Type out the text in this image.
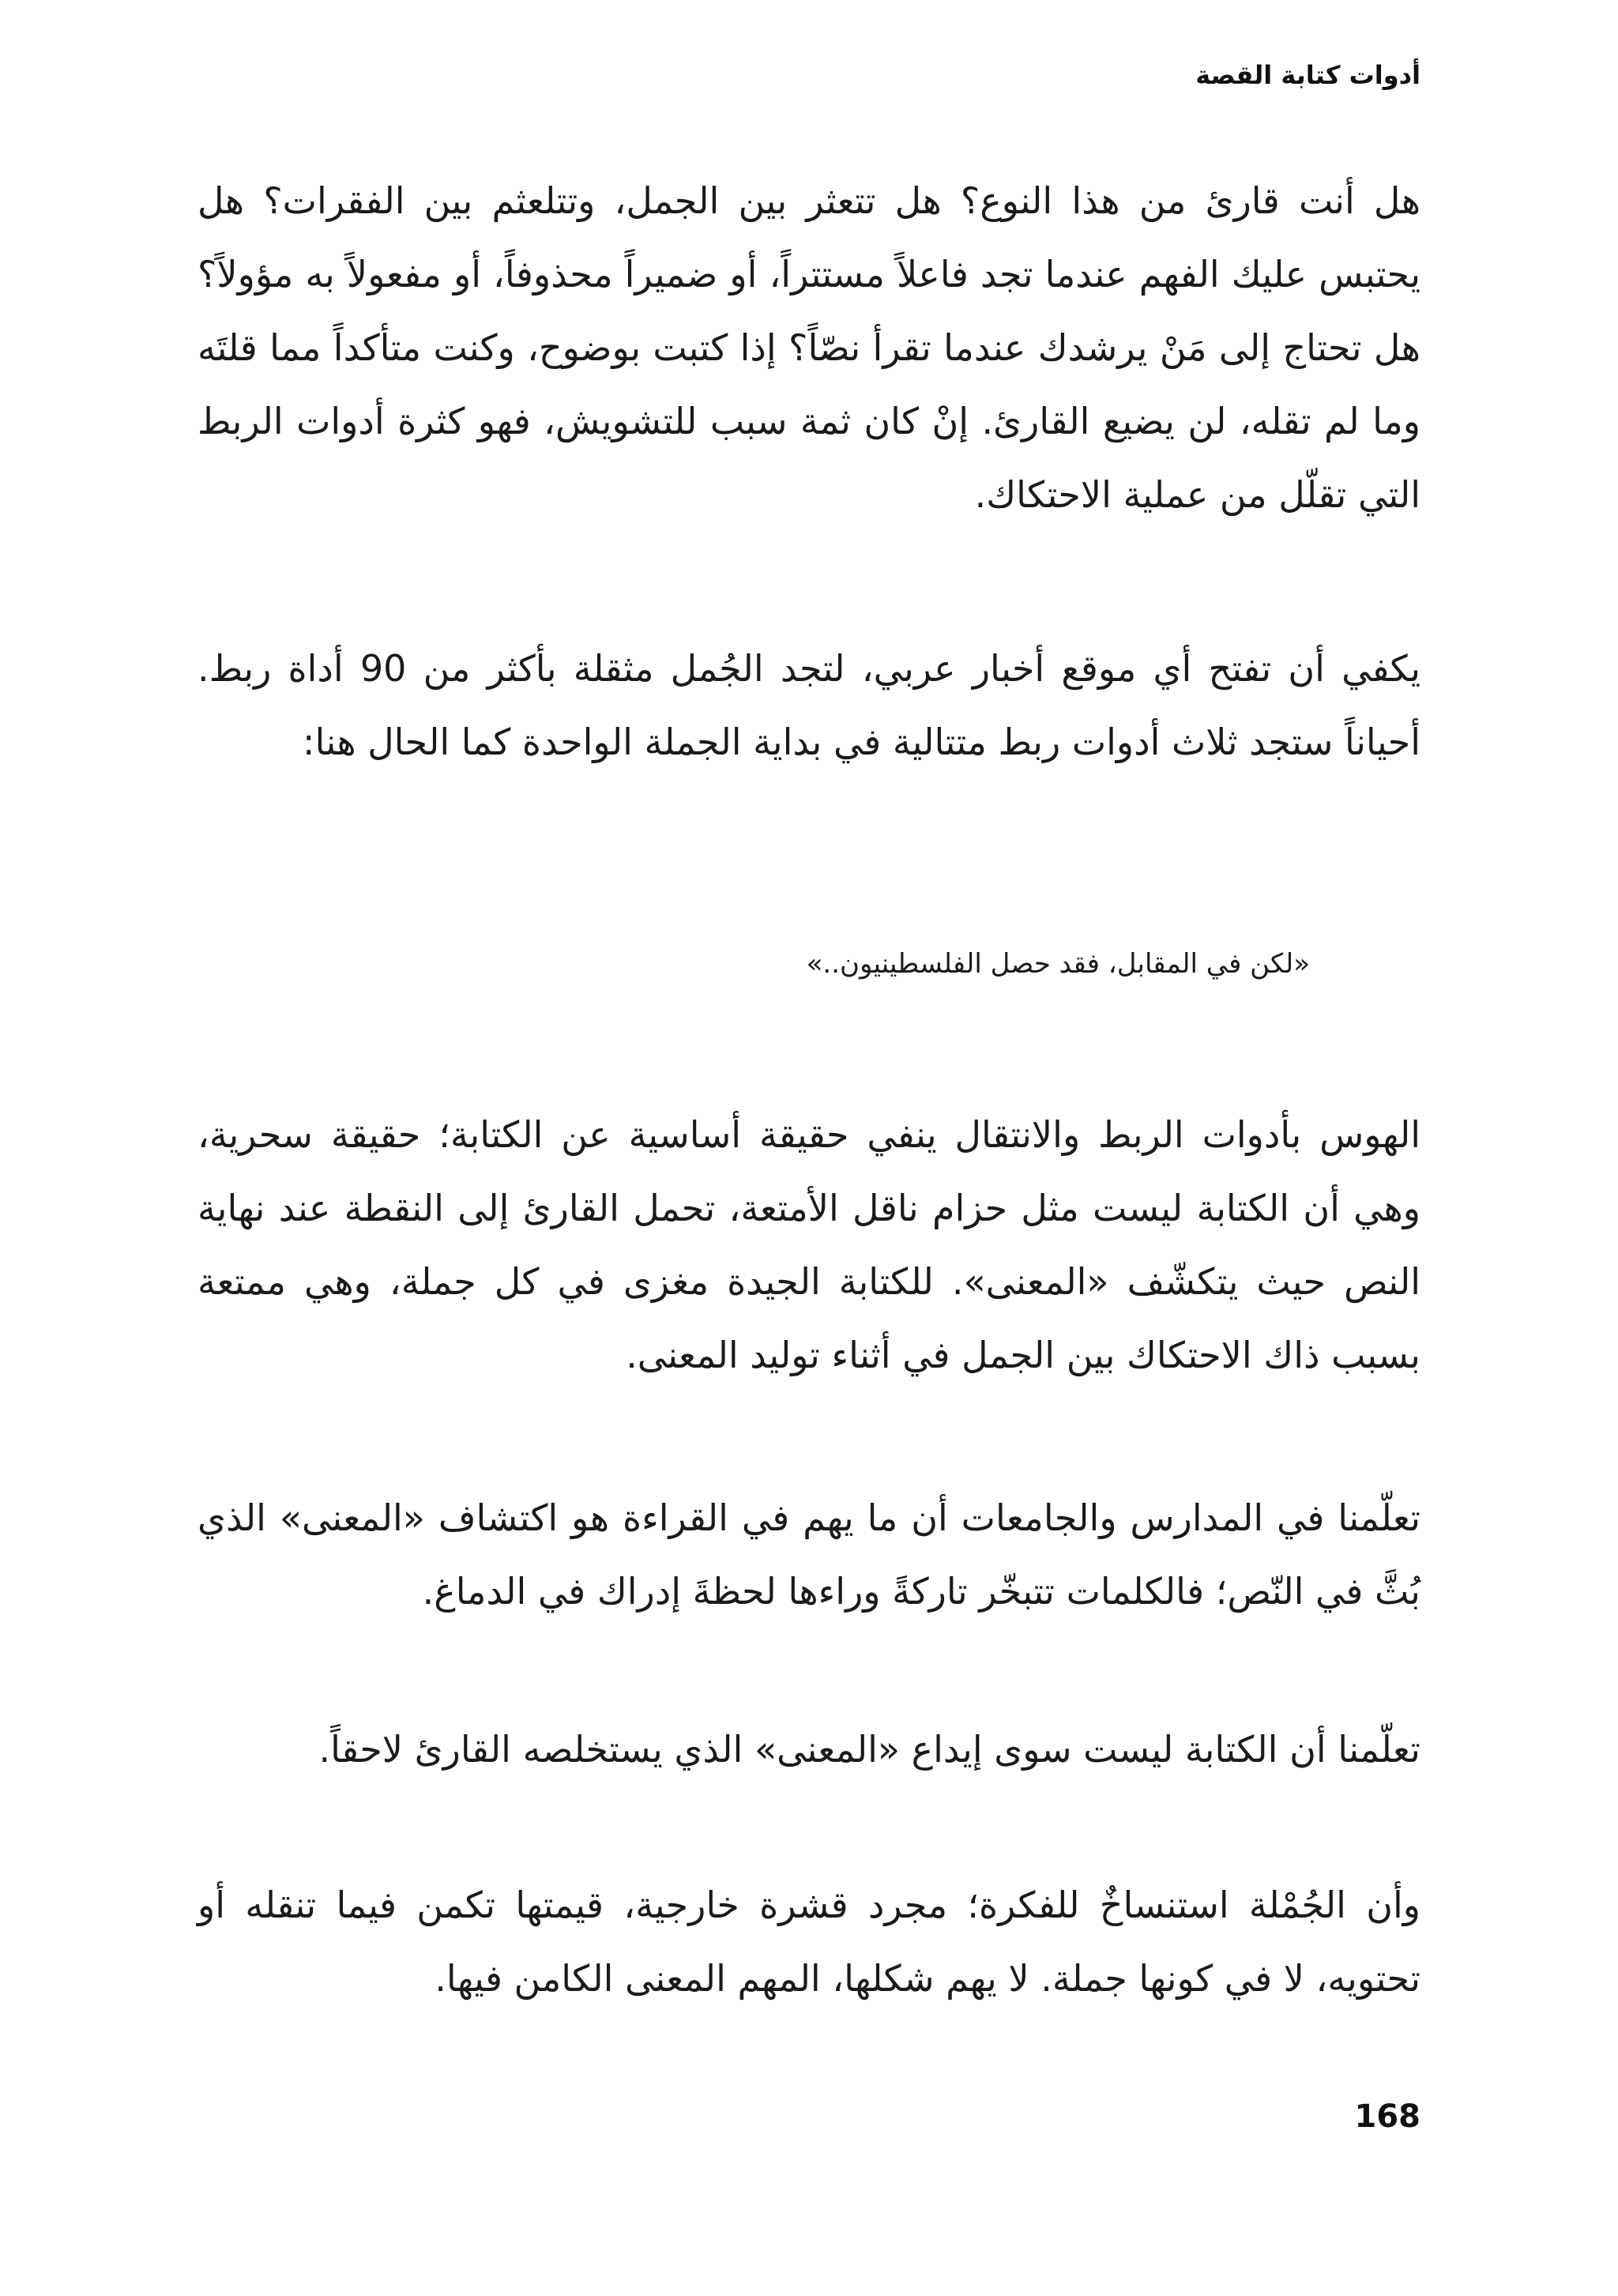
أدوات كتابة القصة

هل أنت قارئ من هذا النوع؟ هل تتعثر بين الجمل، وتتلعثم بين الفقرات؟ هل يحتبس عليك الفهم عندما تجد فاعلاً مستتراً، أو ضميراً محذوفاً، أو مفعولاً به مؤولاً؟ هل تحتاج إلى مَنْ يرشدك عندما تقرأ نصّاً؟ إذا كتبت بوضوح، وكنت متأكداً مما قلتَه وما لم تقله، لن يضيع القارئ. إنْ كان ثمة سبب للتشويش، فهو كثرة أدوات الربط التي تقلّل من عملية الاحتكاك.

يكفي أن تفتح أي موقع أخبار عربي، لتجد الجُمل مثقلة بأكثر من 90 أداة ربط. أحياناً ستجد ثلاث أدوات ربط متتالية في بداية الجملة الواحدة كما الحال هنا:

«لكن في المقابل، فقد حصل الفلسطينيون..»

الهوس بأدوات الربط والانتقال ينفي حقيقة أساسية عن الكتابة؛ حقيقة سحرية، وهي أن الكتابة ليست مثل حزام ناقل الأمتعة، تحمل القارئ إلى النقطة عند نهاية النص حيث يتكشّف «المعنى». للكتابة الجيدة مغزى في كل جملة، وهي ممتعة بسبب ذاك الاحتكاك بين الجمل في أثناء توليد المعنى.

تعلّمنا في المدارس والجامعات أن ما يهم في القراءة هو اكتشاف «المعنى» الذي بُثَّ في النّص؛ فالكلمات تتبخّر تاركةً وراءها لحظةَ إدراك في الدماغ.

تعلّمنا أن الكتابة ليست سوى إيداع «المعنى» الذي يستخلصه القارئ لاحقاً.

وأن الجُمْلة استنساخٌ للفكرة؛ مجرد قشرة خارجية، قيمتها تكمن فيما تنقله أو تحتويه، لا في كونها جملة. لا يهم شكلها، المهم المعنى الكامن فيها.

168
